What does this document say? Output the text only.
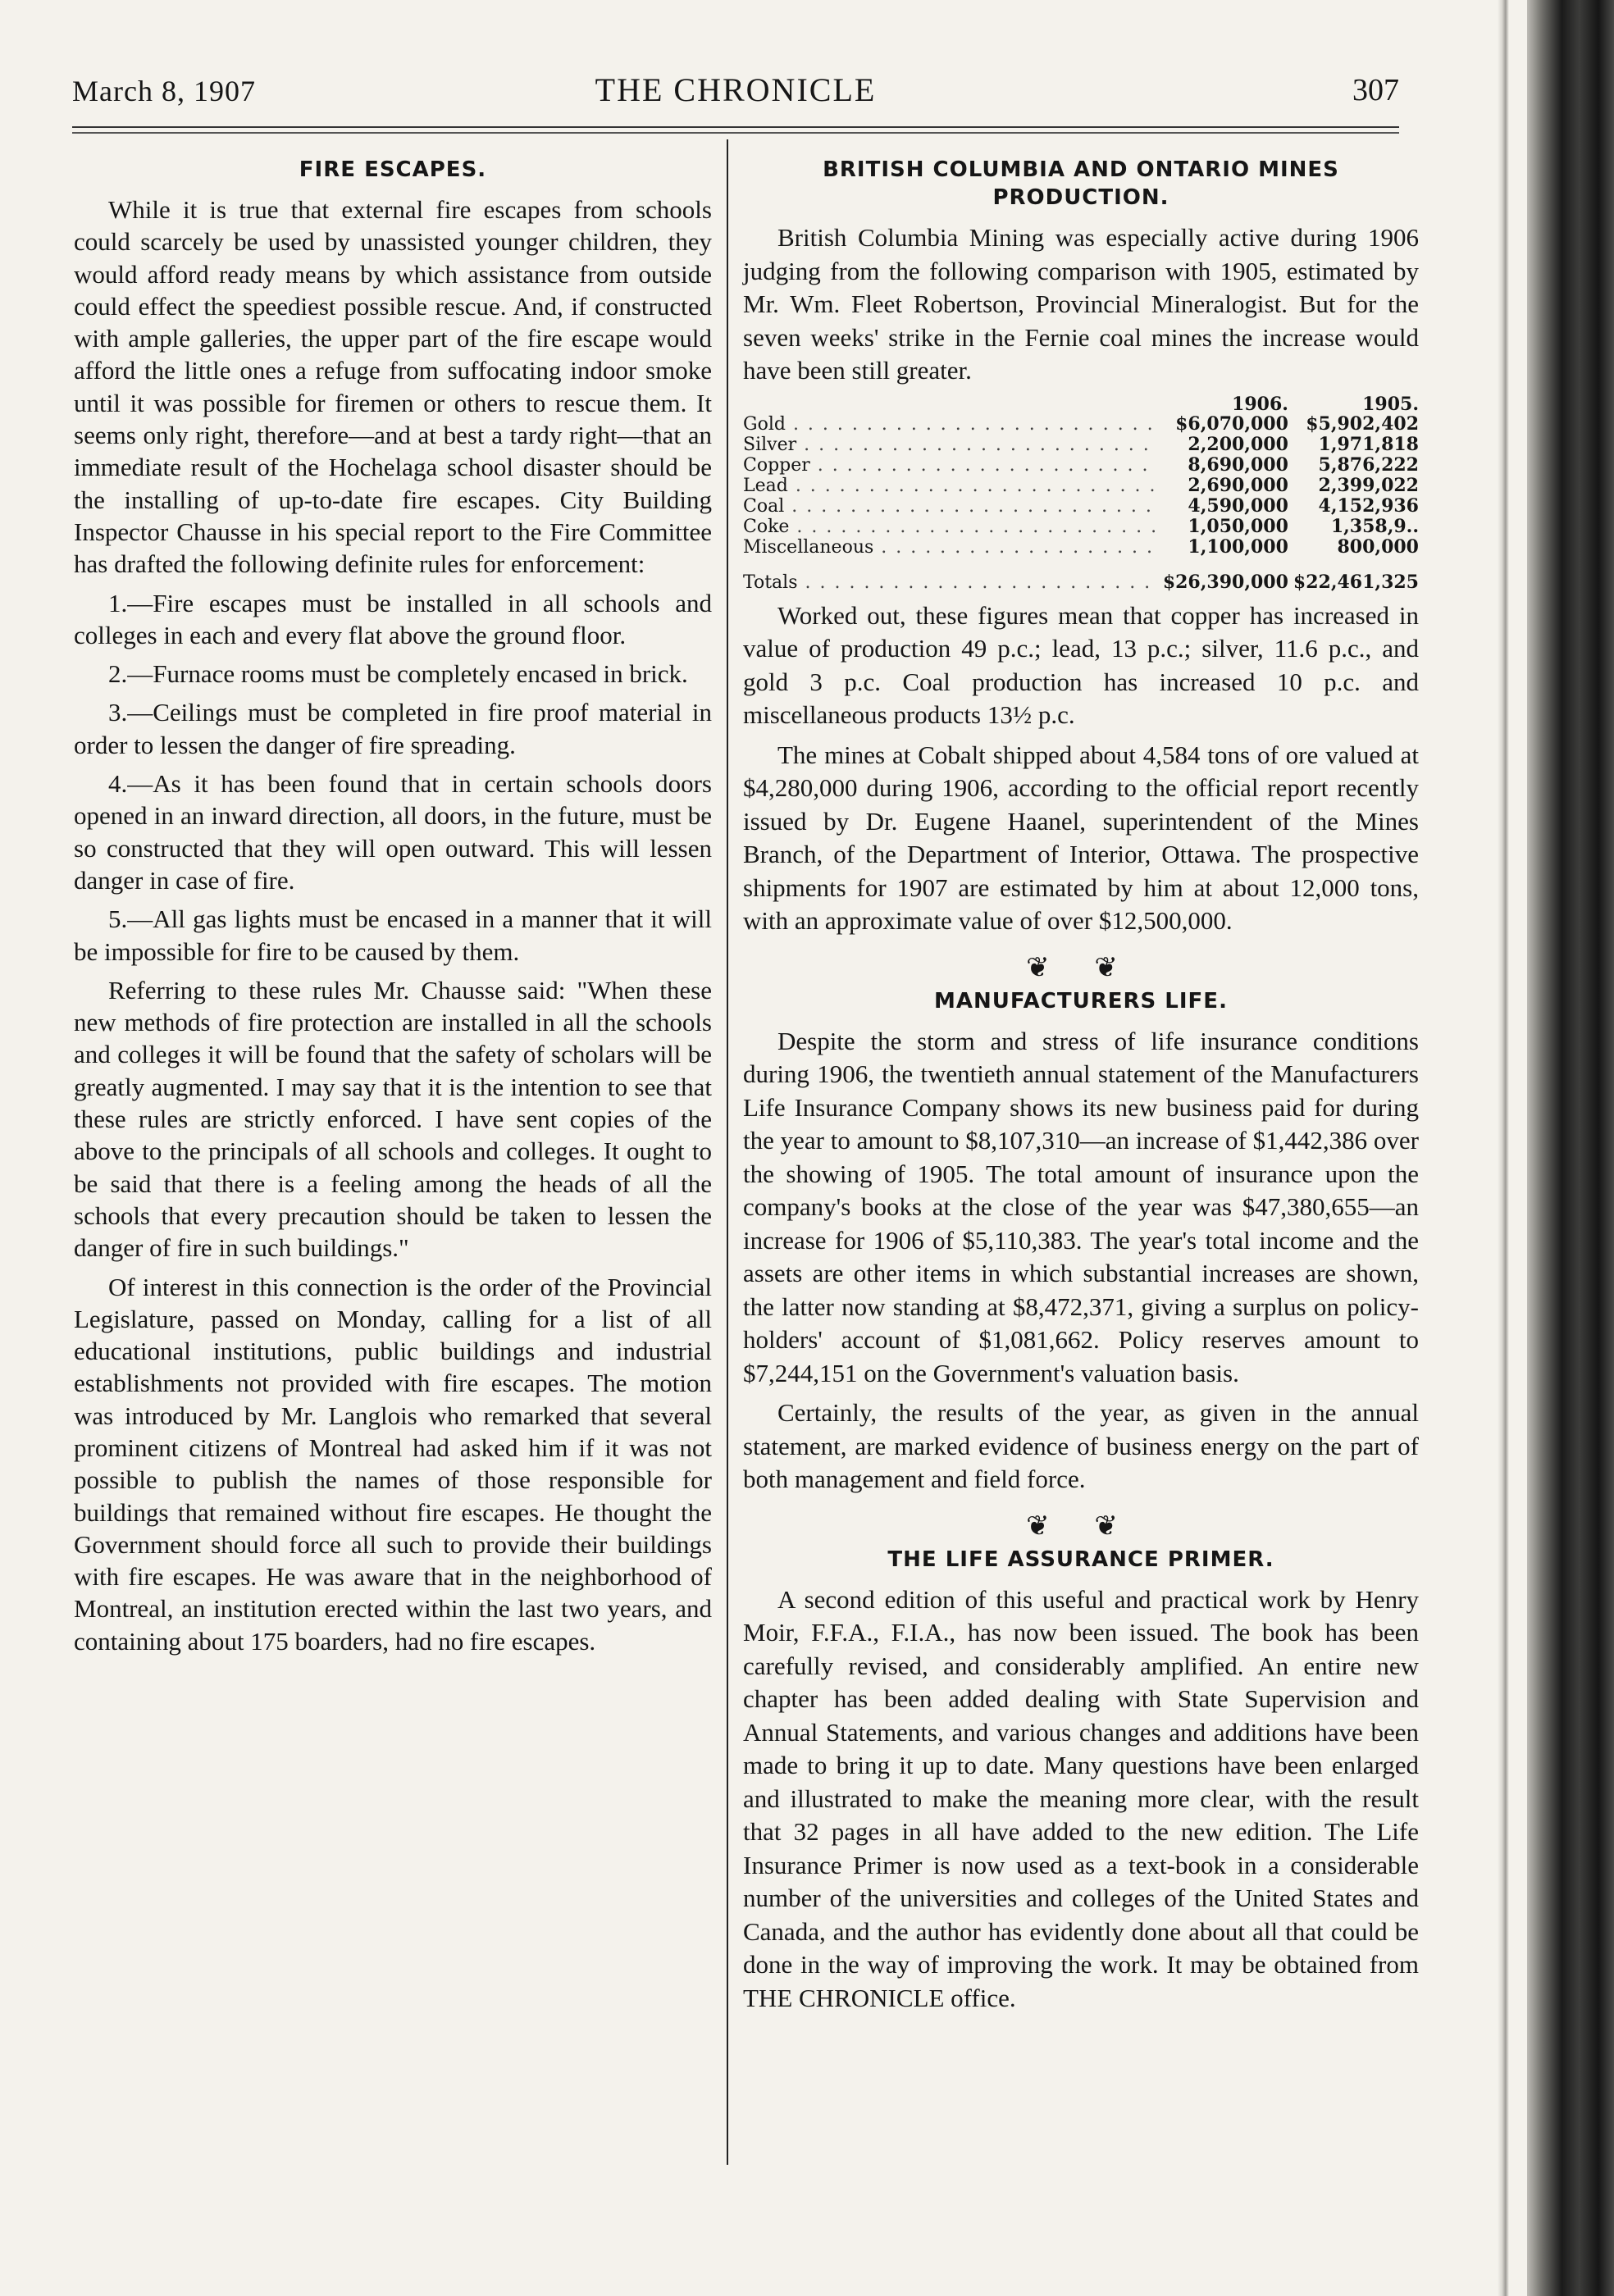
March 8, 1907	THE CHRONICLE	307
FIRE ESCAPES.

While it is true that external fire escapes from schools could scarcely be used by unassisted younger children, they would afford ready means by which assistance from outside could effect the speediest possible rescue. And, if constructed with ample galleries, the upper part of the fire escape would afford the little ones a refuge from suffocating indoor smoke until it was possible for firemen or others to rescue them. It seems only right, therefore—and at best a tardy right—that an immediate result of the Hochelaga school disaster should be the installing of up-to-date fire escapes. City Building Inspector Chausse in his special report to the Fire Committee has drafted the following definite rules for enforcement:

1.—Fire escapes must be installed in all schools and colleges in each and every flat above the ground floor.

2.—Furnace rooms must be completely encased in brick.

3.—Ceilings must be completed in fire proof material in order to lessen the danger of fire spreading.

4.—As it has been found that in certain schools doors opened in an inward direction, all doors, in the future, must be so constructed that they will open outward. This will lessen danger in case of fire.

5.—All gas lights must be encased in a manner that it will be impossible for fire to be caused by them.

Referring to these rules Mr. Chausse said: "When these new methods of fire protection are installed in all the schools and colleges it will be found that the safety of scholars will be greatly augmented. I may say that it is the intention to see that these rules are strictly enforced. I have sent copies of the above to the principals of all schools and colleges. It ought to be said that there is a feeling among the heads of all the schools that every precaution should be taken to lessen the danger of fire in such buildings."

Of interest in this connection is the order of the Provincial Legislature, passed on Monday, calling for a list of all educational institutions, public buildings and industrial establishments not provided with fire escapes. The motion was introduced by Mr. Langlois who remarked that several prominent citizens of Montreal had asked him if it was not possible to publish the names of those responsible for buildings that remained without fire escapes. He thought the Government should force all such to provide their buildings with fire escapes. He was aware that in the neighborhood of Montreal, an institution erected within the last two years, and containing about 175 boarders, had no fire escapes.

BRITISH COLUMBIA AND ONTARIO MINES PRODUCTION.

British Columbia Mining was especially active during 1906 judging from the following comparison with 1905, estimated by Mr. Wm. Fleet Robertson, Provincial Mineralogist. But for the seven weeks' strike in the Fernie coal mines the increase would have been still greater.

	1906.	1905.
Gold . . .	$6,070,000	$5,902,402
Silver . . .	2,200,000	1,971,818
Copper . . .	8,690,000	5,876,222
Lead . . .	2,690,000	2,399,022
Coal . . .	4,590,000	4,152,936
Coke . . .	1,050,000	1,358,9..
Miscellaneous . . .	1,100,000	800,000
Totals . . .	$26,390,000	$22,461,325

Worked out, these figures mean that copper has increased in value of production 49 p.c.; lead, 13 p.c.; silver, 11.6 p.c., and gold 3 p.c. Coal production has increased 10 p.c. and miscellaneous products 13½ p.c.

The mines at Cobalt shipped about 4,584 tons of ore valued at $4,280,000 during 1906, according to the official report recently issued by Dr. Eugene Haanel, superintendent of the Mines Branch, of the Department of Interior, Ottawa. The prospective shipments for 1907 are estimated by him at about 12,000 tons, with an approximate value of over $12,500,000.

❦ ❦
MANUFACTURERS LIFE.

Despite the storm and stress of life insurance conditions during 1906, the twentieth annual statement of the Manufacturers Life Insurance Company shows its new business paid for during the year to amount to $8,107,310—an increase of $1,442,386 over the showing of 1905. The total amount of insurance upon the company's books at the close of the year was $47,380,655—an increase for 1906 of $5,110,383. The year's total income and the assets are other items in which substantial increases are shown, the latter now standing at $8,472,371, giving a surplus on policy-holders' account of $1,081,662. Policy reserves amount to $7,244,151 on the Government's valuation basis.

Certainly, the results of the year, as given in the annual statement, are marked evidence of business energy on the part of both management and field force.

❦ ❦
THE LIFE ASSURANCE PRIMER.

A second edition of this useful and practical work by Henry Moir, F.F.A., F.I.A., has now been issued. The book has been carefully revised, and considerably amplified. An entire new chapter has been added dealing with State Supervision and Annual Statements, and various changes and additions have been made to bring it up to date. Many questions have been enlarged and illustrated to make the meaning more clear, with the result that 32 pages in all have added to the new edition. The Life Insurance Primer is now used as a text-book in a considerable number of the universities and colleges of the United States and Canada, and the author has evidently done about all that could be done in the way of improving the work. It may be obtained from THE CHRONICLE office.
